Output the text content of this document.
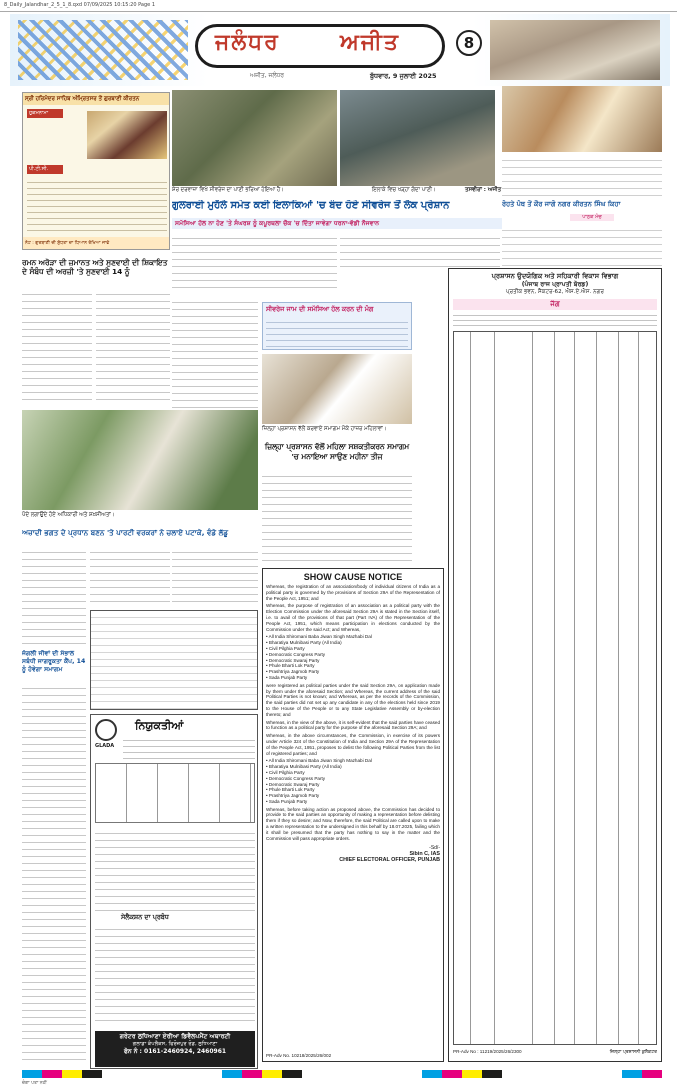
8_Daily_Jalandhar_2_5_1_8.qxd 07/09/2025 10:15:20 Page 1
ਜਲੰਧਰ	ਅਜੀਤ
ਅਜੀਤ, ਜਲੰਧਰ	ਬੁੱਧਵਾਰ, 9 ਜੁਲਾਈ 2025
8
ਸ੍ਰੀ ਹਰਿਮੰਦਰ ਸਾਹਿਬ ਅੰਮ੍ਰਿਤਸਰ ਤੋਂ ਗੁਰਬਾਣੀ ਕੀਰਤਨ
ਹੁਕਮਨਾਮਾ
ਪੀ.ਟੀ.ਸੀ.
ਨੋਟ : ਗੁਰਬਾਣੀ ਦੀ ਸ਼ੁੱਧਤਾ ਦਾ ਧਿਆਨ ਰੱਖਿਆ ਜਾਵੇ
ਸ਼ੇਰ ਦਰਵਾਜ਼ਾ ਵਿਖੇ ਸੀਵਰੇਜ ਦਾ ਪਾਣੀ ਭਰਿਆ ਹੋਇਆ ਹੈ।	ਇਲਾਕੇ ਵਿਚ ਖੜ੍ਹਾ ਗੰਦਾ ਪਾਣੀ।	ਤਸਵੀਰਾਂ : ਅਜੀਤ
ਗੁਲਰਾਈ ਮੁਹੱਲੇ ਸਮੇਤ ਕਈ ਇਲਾਕਿਆਂ 'ਚ ਬੰਦ ਹੋਏ ਸੀਵਰੇਜ ਤੋਂ ਲੋਕ ਪ੍ਰੇਸ਼ਾਨ
ਸਮੱਸਿਆ ਹੱਲ ਨਾ ਹੋਣ 'ਤੇ ਸੰਘਰਸ਼ ਨੂੰ ਕਪੂਰਥਲਾ ਚੌਕ 'ਚ ਦਿੱਤਾ ਜਾਵੇਗਾ ਧਰਨਾ-ਵੱਡੀ ਨੌਜਵਾਨ
ਰੋਹਤੇ ਪੰਥ ਤੋਂ ਕੌਰ ਜਾਗੋ ਨਗਰ ਕੀਰਤਨ ਸਿੰਘ ਕਿਹਾ
ਪਾਠਕ ਮੰਚ
ਰਮਨ ਅਰੋੜਾ ਦੀ ਜ਼ਮਾਨਤ ਅਤੇ ਸੁਣਵਾਈ ਦੀ ਸ਼ਿਕਾਇਤ ਦੇ ਸੰਬੰਧ ਦੀ ਅਰਜ਼ੀ 'ਤੇ ਸੁਣਵਾਈ 14 ਨੂੰ
ਸੀਵਰੇਜ ਜਾਮ ਦੀ ਸਮੱਸਿਆ ਹੱਲ ਕਰਨ ਦੀ ਮੰਗ
ਜ਼ਿਲ੍ਹਾ ਪ੍ਰਸ਼ਾਸਨ ਵੱਲੋਂ ਕਰਵਾਏ ਸਮਾਗਮ ਮੌਕੇ ਹਾਜ਼ਰ ਮਹਿਲਾਵਾਂ।
ਜ਼ਿਲ੍ਹਾ ਪ੍ਰਸ਼ਾਸਨ ਵੱਲੋਂ ਮਹਿਲਾ ਸਸ਼ਕਤੀਕਰਨ ਸਮਾਗਮ
'ਚ ਮਨਾਇਆ ਸਾਉਣ ਮਹੀਨਾ ਤੀਜ
ਪੌਦੇ ਲਗਾਉਂਦੇ ਹੋਏ ਅਧਿਕਾਰੀ ਅਤੇ ਸ਼ਖ਼ਸੀਅਤਾਂ।
ਅਜ਼ਾਦੀ ਭਗਤ ਦੇ ਪ੍ਰਧਾਨ ਬਣਨ 'ਤੇ ਪਾਰਟੀ ਵਰਕਰਾਂ ਨੇ ਚਲਾਏ ਪਟਾਕੇ, ਵੰਡੇ ਲੱਡੂ
ਜੰਗਲੀ ਜੀਵਾਂ ਦੀ ਸੰਭਾਲ ਸਬੰਧੀ ਜਾਗਰੂਕਤਾ ਕੈਂਪ, 14 ਨੂੰ ਹੋਵੇਗਾ ਸਮਾਗਮ
GLADA
ਨਿਯੁਕਤੀਆਂ
ਸੇਲੈਕਸ਼ਨ ਦਾ ਪ੍ਰਬੰਧ
ਗਰੇਟਰ ਲੁਧਿਆਣਾ ਏਰੀਆ ਡਿਵੈਲਪਮੈਂਟ ਅਥਾਰਟੀ
ਗਲਾਡਾ ਕੰਪਲੈਕਸ, ਫਿਰੋਜ਼ਪੁਰ ਰੋਡ, ਲੁਧਿਆਣਾ
ਫੋਨ ਨੰ : 0161-2460924, 2460961
SHOW CAUSE NOTICE
Whereas, the registration of an association/body of individual citizens of India as a political party is governed by the provisions of Section 29A of the Representation of the People Act, 1951; and
Whereas, the purpose of registration of an association as a political party with the Election Commission under the aforesaid Section 29A is stated in the Section itself, i.e. to avail of the provisions of that part (Part IVA) of the Representation of the People Act, 1951, which means participation in elections conducted by the Commission under the said Act; and Whereas,
• All India Shiromani Baba Jiwan Singh Mazhabi Dal
• Bharatiya Mulnibasi Party (All India)
• Civil Pilghia Party
• Democratic Congress Party
• Democratic Swaraj Party
• Phule Bharti Lok Party
• Prashtriya Jagmob Party
• Sada Punjab Party
were registered as political parties under the said Section 29A, on application made by them under the aforesaid Section; and Whereas, the current address of the said Political Parties is not known; and Whereas, as per the records of the Commission, the said parties did not set up any candidate in any of the elections held since 2019 to the House of the People or to any State Legislative Assembly or by-election thereto; and
Whereas, in the view of the above, it is self-evident that the said parties have ceased to function as a political party for the purpose of the aforesaid Section 29A; and
Whereas, in the above circumstances, the Commission, in exercise of its powers under Article 324 of the Constitution of India and Section 29A of the Representation of the People Act, 1951, proposes to delist the following Political Parties from the list of registered parties; and
• All India Shiromani Baba Jiwan Singh Mazhabi Dal
• Bharatiya Mulnibasi Party (All India)
• Civil Pilghia Party
• Democratic Congress Party
• Democratic Swaraj Party
• Phule Bharti Lok Party
• Prashtriya Jagmob Party
• Sada Punjab Party
Whereas, before taking action as proposed above, the Commission has decided to provide to the said parties an opportunity of making a representation before delisting them if they so desire; and Now, therefore, the said Political are called upon to make a written representation to the undersigned in this behalf by 18.07.2025, failing which it shall be presumed that the party has nothing to say in the matter and the Commission will pass appropriate orders.
-Sd/-
Sibin C, IAS
CHIEF ELECTORAL OFFICER, PUNJAB
PR-Adv No. 10218/2025/26/002
ਪ੍ਰਸ਼ਾਸਨ ਉਦਯੋਗਿਕ ਅਤੇ ਸਹਿਕਾਰੀ ਵਿਕਾਸ ਵਿਭਾਗ
(ਪੰਜਾਬ ਰਾਜ ਪ੍ਰਾਪਤੀ ਬੋਰਡ)
ਪ੍ਰਤੀਕ ਭਵਨ, ਸੈਕਟਰ-62, ਐਸ.ਏ.ਐਸ. ਨਗਰ
ਜੱਗ
PR-Adv No : 11219/2025/26/2300	ਜ਼ਿਲ੍ਹਾ ਪ੍ਰਸ਼ਾਸਨੀ ਕੁਲੈਕਟਰ
ਚੰਗਾ ਪਤਾ ਨਹੀਂ
